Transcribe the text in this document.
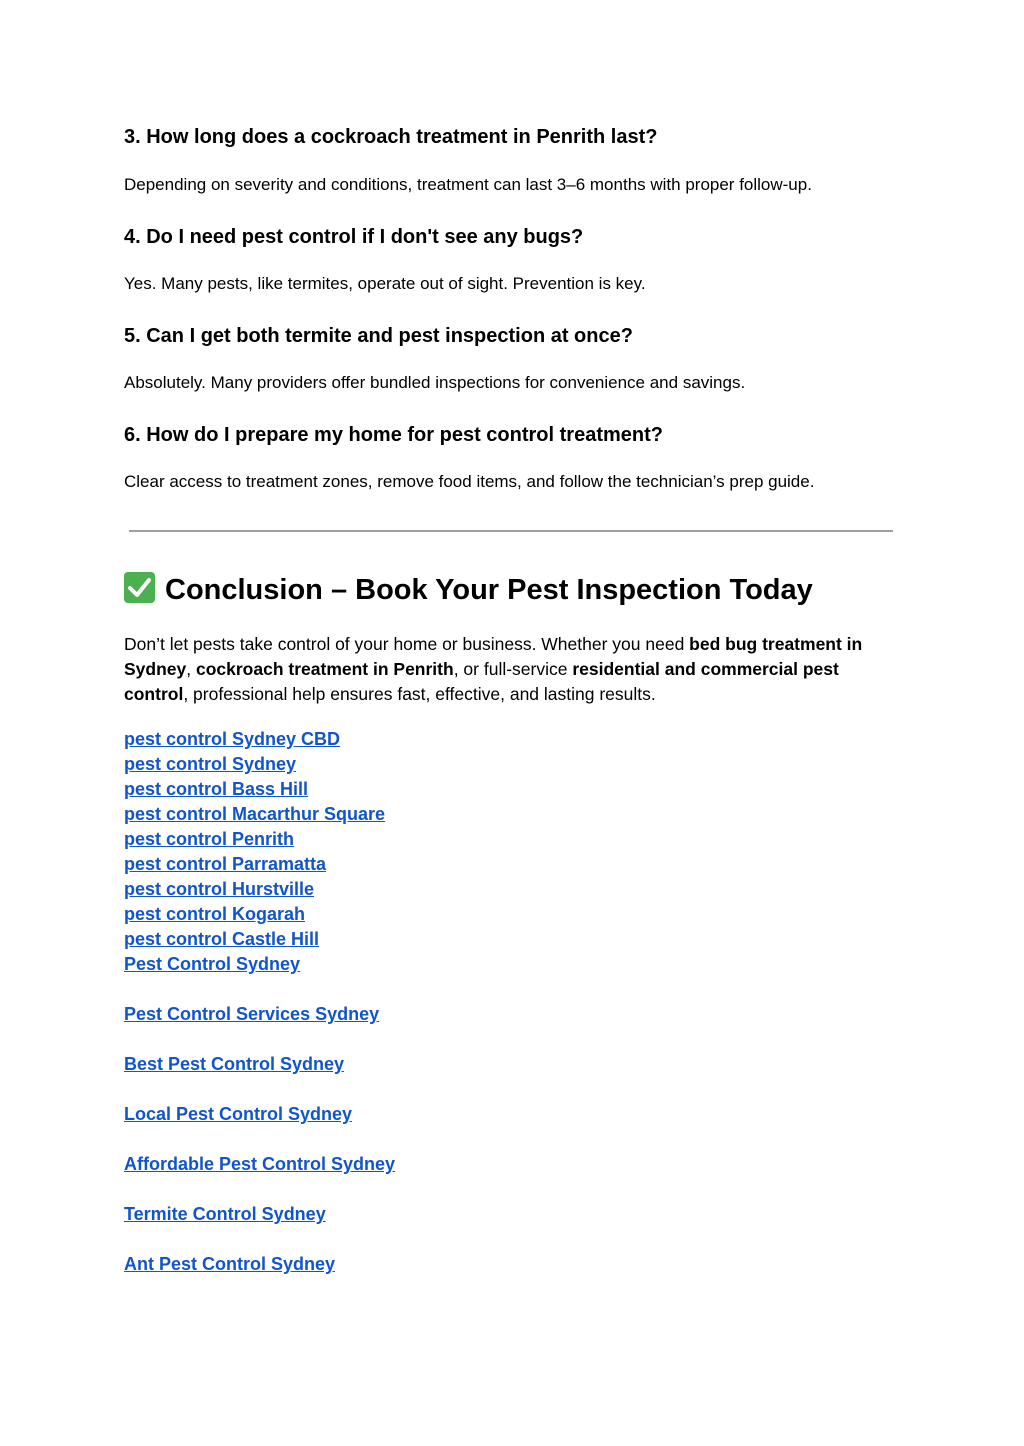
3. How long does a cockroach treatment in Penrith last?

Depending on severity and conditions, treatment can last 3–6 months with proper follow-up.

4. Do I need pest control if I don't see any bugs?

Yes. Many pests, like termites, operate out of sight. Prevention is key.

5. Can I get both termite and pest inspection at once?

Absolutely. Many providers offer bundled inspections for convenience and savings.

6. How do I prepare my home for pest control treatment?

Clear access to treatment zones, remove food items, and follow the technician’s prep guide.

Conclusion – Book Your Pest Inspection Today

Don’t let pests take control of your home or business. Whether you need bed bug treatment in Sydney, cockroach treatment in Penrith, or full-service residential and commercial pest control, professional help ensures fast, effective, and lasting results.

pest control Sydney CBD
pest control Sydney
pest control Bass Hill
pest control Macarthur Square
pest control Penrith
pest control Parramatta
pest control Hurstville
pest control Kogarah
pest control Castle Hill
Pest Control Sydney
Pest Control Services Sydney
Best Pest Control Sydney
Local Pest Control Sydney
Affordable Pest Control Sydney
Termite Control Sydney
Ant Pest Control Sydney
